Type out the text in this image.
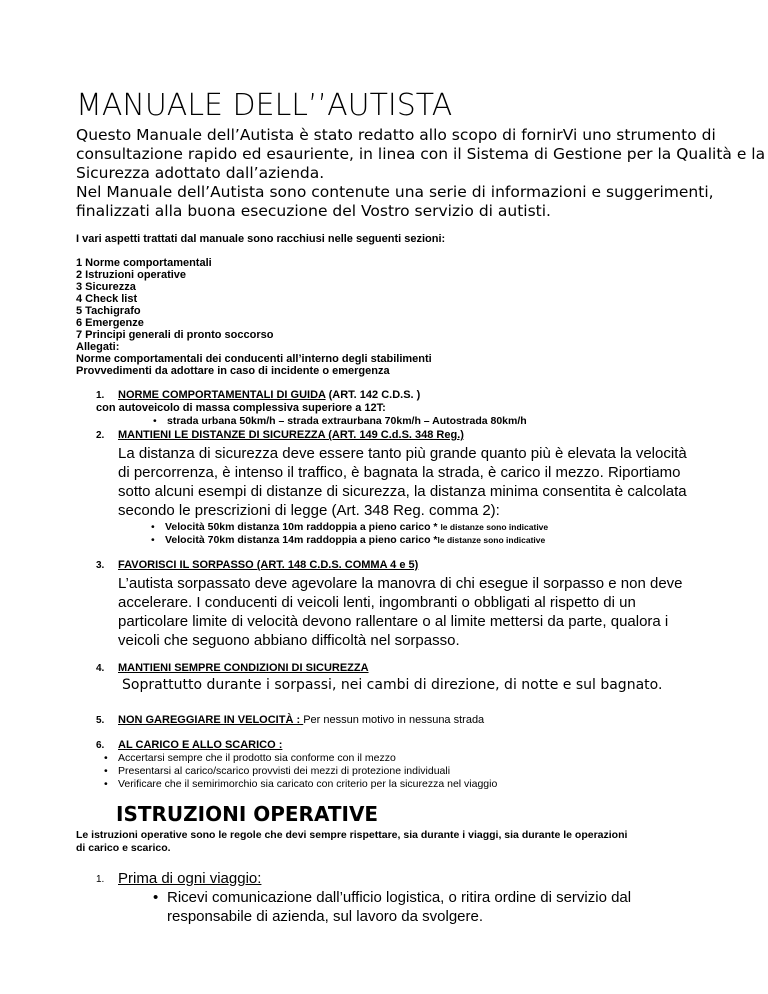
MANUALE DELL’’AUTISTA
Questo Manuale dell’Autista è stato redatto allo scopo di fornirVi uno strumento di
consultazione rapido ed esauriente, in linea con il Sistema di Gestione per la Qualità e la
Sicurezza adottato dall’azienda.
Nel Manuale dell’Autista sono contenute una serie di informazioni e suggerimenti,
finalizzati alla buona esecuzione del Vostro servizio di autisti.
I vari aspetti trattati dal manuale sono racchiusi nelle seguenti sezioni:
1 Norme comportamentali
2 Istruzioni operative
3 Sicurezza
4 Check list
5 Tachigrafo
6 Emergenze
7 Principi generali di pronto soccorso
Allegati:
Norme comportamentali dei conducenti all’interno degli stabilimenti
Provvedimenti da adottare in caso di incidente o emergenza
1. NORME COMPORTAMENTALI DI GUIDA (ART. 142 C.D.S. )
con autoveicolo di massa complessiva superiore a 12T:
• strada urbana 50km/h – strada extraurbana 70km/h – Autostrada 80km/h
2. MANTIENI LE DISTANZE DI SICUREZZA (ART. 149 C.d.S. 348 Reg.)
La distanza di sicurezza deve essere tanto più grande quanto più è elevata la velocità
di percorrenza, è intenso il traffico, è bagnata la strada, è carico il mezzo. Riportiamo
sotto alcuni esempi di distanze di sicurezza, la distanza minima consentita è calcolata
secondo le prescrizioni di legge (Art. 348 Reg. comma 2):
• Velocità 50km distanza 10m raddoppia a pieno carico * le distanze sono indicative
• Velocità 70km distanza 14m raddoppia a pieno carico *le distanze sono indicative
3. FAVORISCI IL SORPASSO (ART. 148 C.D.S. COMMA 4 e 5)
L’autista sorpassato deve agevolare la manovra di chi esegue il sorpasso e non deve
accelerare. I conducenti di veicoli lenti, ingombranti o obbligati al rispetto di un
particolare limite di velocità devono rallentare o al limite mettersi da parte, qualora i
veicoli che seguono abbiano difficoltà nel sorpasso.
4. MANTIENI SEMPRE CONDIZIONI DI SICUREZZA
Soprattutto durante i sorpassi, nei cambi di direzione, di notte e sul bagnato.
5. NON GAREGGIARE IN VELOCITÀ : Per nessun motivo in nessuna strada
6. AL CARICO E ALLO SCARICO :
• Accertarsi sempre che il prodotto sia conforme con il mezzo
• Presentarsi al carico/scarico provvisti dei mezzi di protezione individuali
• Verificare che il semirimorchio sia caricato con criterio per la sicurezza nel viaggio
ISTRUZIONI OPERATIVE
Le istruzioni operative sono le regole che devi sempre rispettare, sia durante i viaggi, sia durante le operazioni
di carico e scarico.
1. Prima di ogni viaggio:
• Ricevi comunicazione dall’ufficio logistica, o ritira ordine di servizio dal
responsabile di azienda, sul lavoro da svolgere.
